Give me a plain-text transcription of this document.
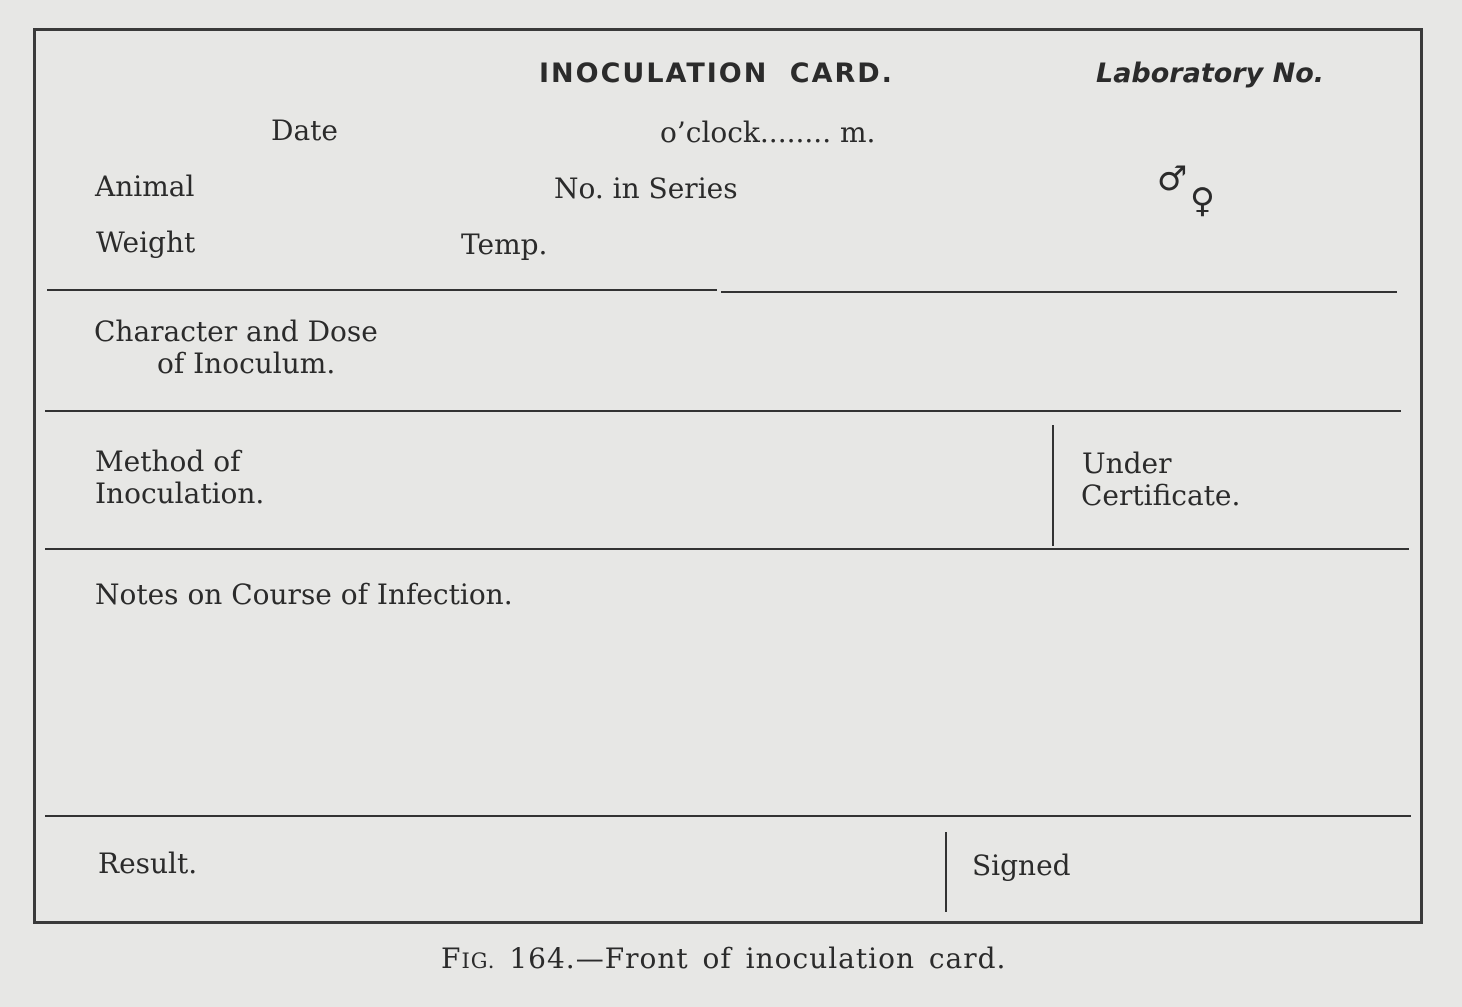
INOCULATION CARD.	Laboratory No.
Date	o’clock........ m.
Animal	No. in Series	♂
♀
Weight	Temp.
Character and Dose
of Inoculum.
Method of
Inoculation.
Under
Certificate.
Notes on Course of Infection.
Result.	Signed
FIG. 164.—Front of inoculation card.
